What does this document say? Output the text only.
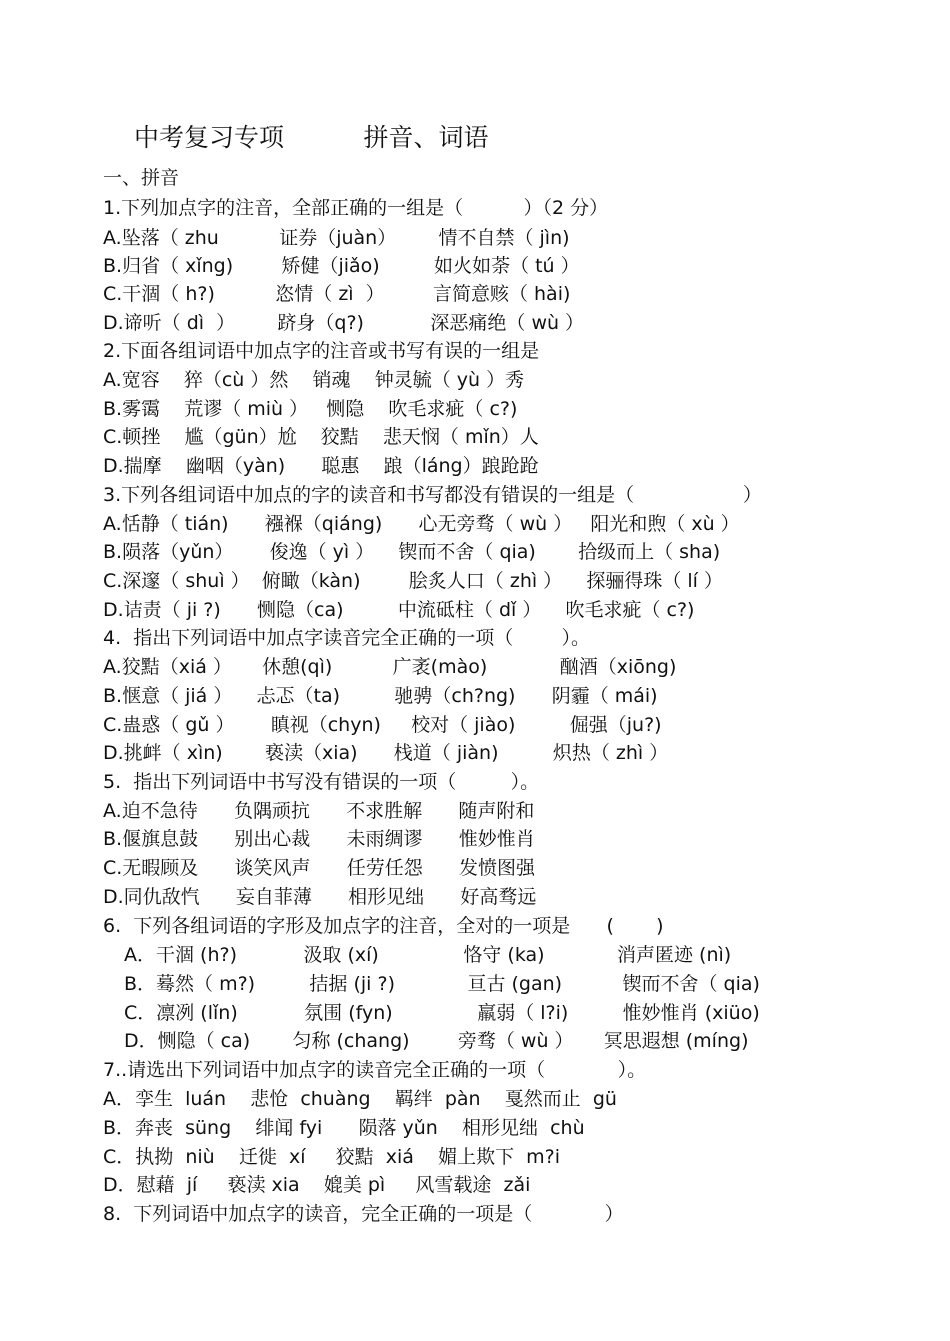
中考复习专项          拼音、词语
一、拼音
1.下列加点字的注音，全部正确的一组是（          ）（2 分）
A.坠落（ zhu          证券（juàn）       情不自禁（ jìn)
B.归省（ xǐng)        矫健（jiǎo)         如火如荼（ tú ）
C.干涸（ h?)          恣情（ zì  ）        言简意赅（ hài)
D.谛听（ dì  ）       跻身（q?)           深恶痛绝（ wù ）
2.下面各组词语中加点字的注音或书写有误的一组是
A.宽容    猝（cù ）然    销魂    钟灵毓（ yù ）秀
B.雾霭    荒谬（ miù ）   恻隐    吹毛求疵（ c?)
C.顿挫    尴（gün）尬    狡黠    悲天悯（ mǐn）人
D.揣摩    幽咽（yàn)      聪惠    踉（láng）踉跄跄
3.下列各组词语中加点的字的读音和书写都没有错误的一组是（                  ）
A.恬静（ tián)      襁褓（qiáng)      心无旁骛（ wù ）   阳光和煦（ xù ）
B.陨落（yǔn）      俊逸（ yì ）    锲而不舍（ qia)       拾级而上（ sha)
C.深邃（ shuì ）  俯瞰（kàn)        脍炙人口（ zhì ）    探骊得珠（ lí ）
D.诘责（ ji ?)      恻隐（ca)         中流砥柱（ dǐ ）    吹毛求疵（ c?)
4.  指出下列词语中加点字读音完全正确的一项（        ）。
A.狡黠（xiá ）     休憩(qì)          广袤(mào)            酗酒（xiōng)
B.惬意（ jiá ）    忐忑（ta)         驰骋（ch?ng)      阴霾（ mái)
C.蛊惑（ gǔ ）      瞋视（chyn)     校对（ jiào)         倔强（ju?)
D.挑衅（ xìn)       亵渎（xia)      栈道（ jiàn)         炽热（ zhì ）
5.  指出下列词语中书写没有错误的一项（         ）。
A.迫不急待      负隅顽抗      不求胜解      随声附和
B.偃旗息鼓      别出心裁      未雨绸谬      惟妙惟肖
C.无暇顾及      谈笑风声      任劳任怨      发愤图强
D.同仇敌忾      妄自菲薄      相形见绌      好高骛远
6.  下列各组词语的字形及加点字的注音，全对的一项是      (       )
A．干涸 (h?)           汲取 (xí)              恪守 (ka)            消声匿迹 (nì)
B．蓦然（ m?)         拮据 (ji ?)            亘古 (gan)          锲而不舍（ qia)
C．凛冽 (lǐn)           氛围 (fyn)              羸弱（ l?i)         惟妙惟肖 (xiüo)
D．恻隐（ ca)       匀称 (chang)        旁骛（ wù ）     冥思遐想 (míng)
7..请选出下列词语中加点字的读音完全正确的一项（            ）。
A．孪生  luán    悲怆  chuàng    羁绊  pàn    戛然而止  gü
B．奔丧  süng    绯闻 fyi      陨落 yǔn    相形见绌  chù
C．执拗  niù    迁徙  xí     狡黠  xiá    媚上欺下  m?i
D．慰藉  jí     亵渎 xia    媲美 pì     风雪载途  zǎi
8.  下列词语中加点字的读音，完全正确的一项是（            ）
